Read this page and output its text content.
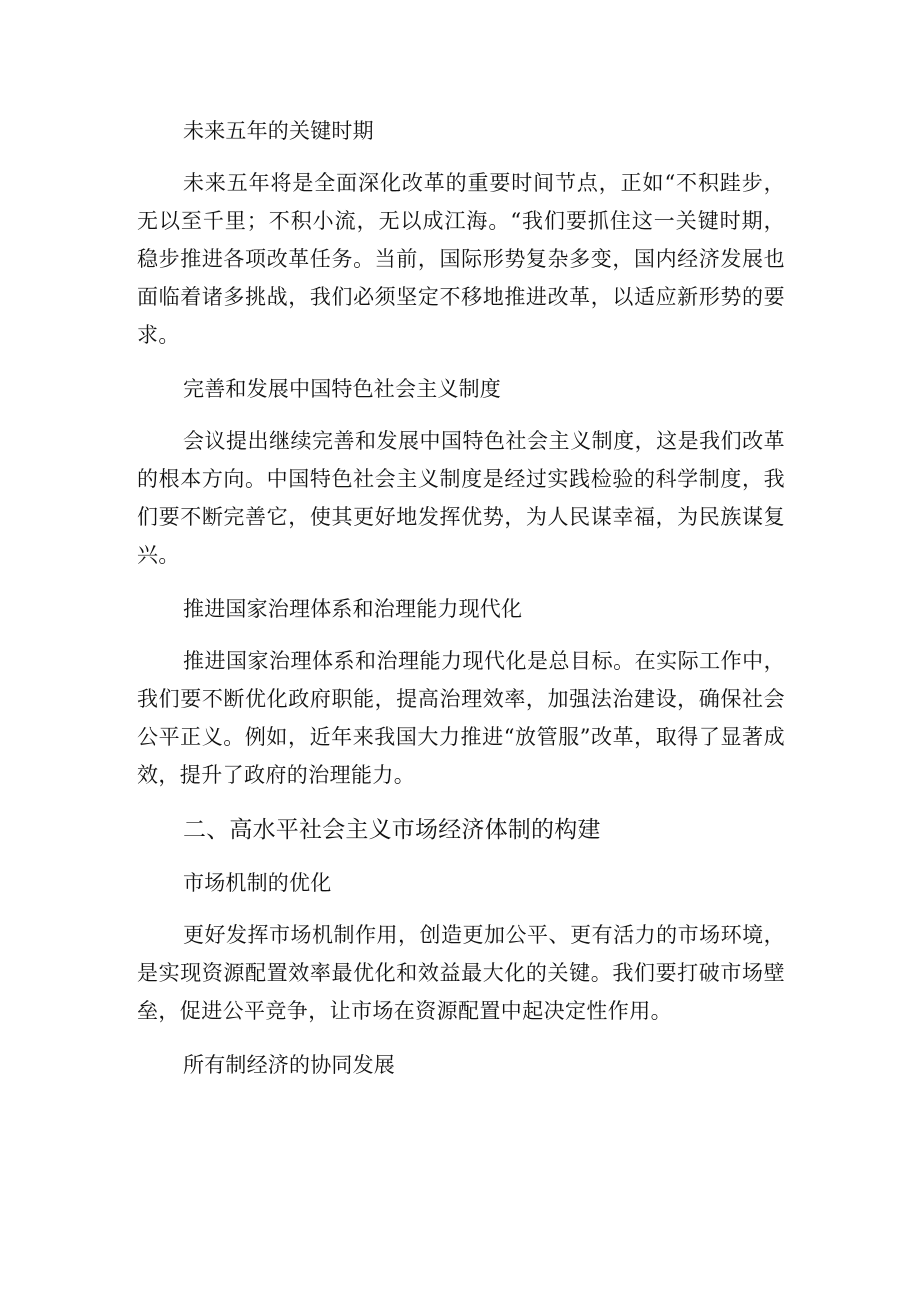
未来五年的关键时期

未来五年将是全面深化改革的重要时间节点，正如“不积跬步，无以至千里；不积小流，无以成江海。“我们要抓住这一关键时期，稳步推进各项改革任务。当前，国际形势复杂多变，国内经济发展也面临着诸多挑战，我们必须坚定不移地推进改革，以适应新形势的要求。

完善和发展中国特色社会主义制度

会议提出继续完善和发展中国特色社会主义制度，这是我们改革的根本方向。中国特色社会主义制度是经过实践检验的科学制度，我们要不断完善它，使其更好地发挥优势，为人民谋幸福，为民族谋复兴。

推进国家治理体系和治理能力现代化

推进国家治理体系和治理能力现代化是总目标。在实际工作中，我们要不断优化政府职能，提高治理效率，加强法治建设，确保社会公平正义。例如，近年来我国大力推进“放管服”改革，取得了显著成效，提升了政府的治理能力。

二、高水平社会主义市场经济体制的构建
市场机制的优化

更好发挥市场机制作用，创造更加公平、更有活力的市场环境，是实现资源配置效率最优化和效益最大化的关键。我们要打破市场壁垒，促进公平竞争，让市场在资源配置中起决定性作用。

所有制经济的协同发展
